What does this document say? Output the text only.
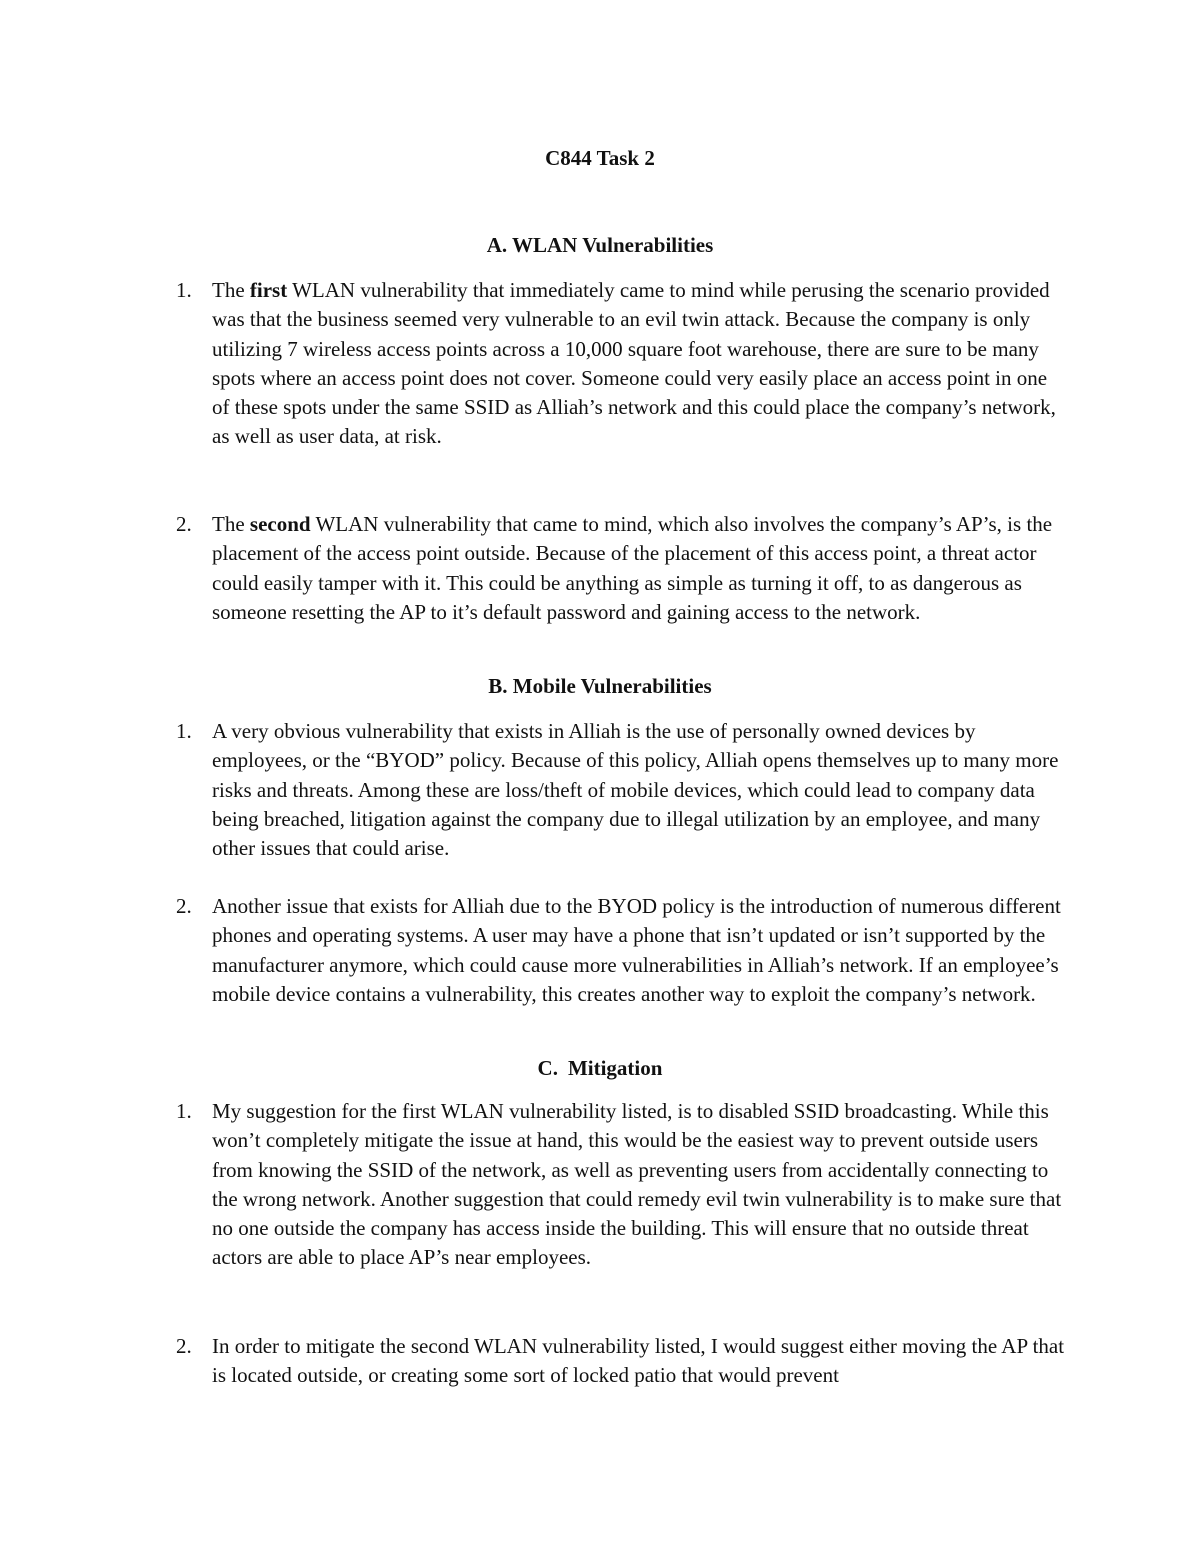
C844 Task 2
A. WLAN Vulnerabilities
1. The first WLAN vulnerability that immediately came to mind while perusing the scenario provided was that the business seemed very vulnerable to an evil twin attack. Because the company is only utilizing 7 wireless access points across a 10,000 square foot warehouse, there are sure to be many spots where an access point does not cover. Someone could very easily place an access point in one of these spots under the same SSID as Alliah’s network and this could place the company’s network, as well as user data, at risk.
2. The second WLAN vulnerability that came to mind, which also involves the company’s AP’s, is the placement of the access point outside. Because of the placement of this access point, a threat actor could easily tamper with it. This could be anything as simple as turning it off, to as dangerous as someone resetting the AP to it’s default password and gaining access to the network.
B. Mobile Vulnerabilities
1. A very obvious vulnerability that exists in Alliah is the use of personally owned devices by employees, or the “BYOD” policy. Because of this policy, Alliah opens themselves up to many more risks and threats. Among these are loss/theft of mobile devices, which could lead to company data being breached, litigation against the company due to illegal utilization by an employee, and many other issues that could arise.
2. Another issue that exists for Alliah due to the BYOD policy is the introduction of numerous different phones and operating systems. A user may have a phone that isn’t updated or isn’t supported by the manufacturer anymore, which could cause more vulnerabilities in Alliah’s network. If an employee’s mobile device contains a vulnerability, this creates another way to exploit the company’s network.
C. Mitigation
1. My suggestion for the first WLAN vulnerability listed, is to disabled SSID broadcasting. While this won’t completely mitigate the issue at hand, this would be the easiest way to prevent outside users from knowing the SSID of the network, as well as preventing users from accidentally connecting to the wrong network. Another suggestion that could remedy evil twin vulnerability is to make sure that no one outside the company has access inside the building. This will ensure that no outside threat actors are able to place AP’s near employees.
2. In order to mitigate the second WLAN vulnerability listed, I would suggest either moving the AP that is located outside, or creating some sort of locked patio that would prevent
